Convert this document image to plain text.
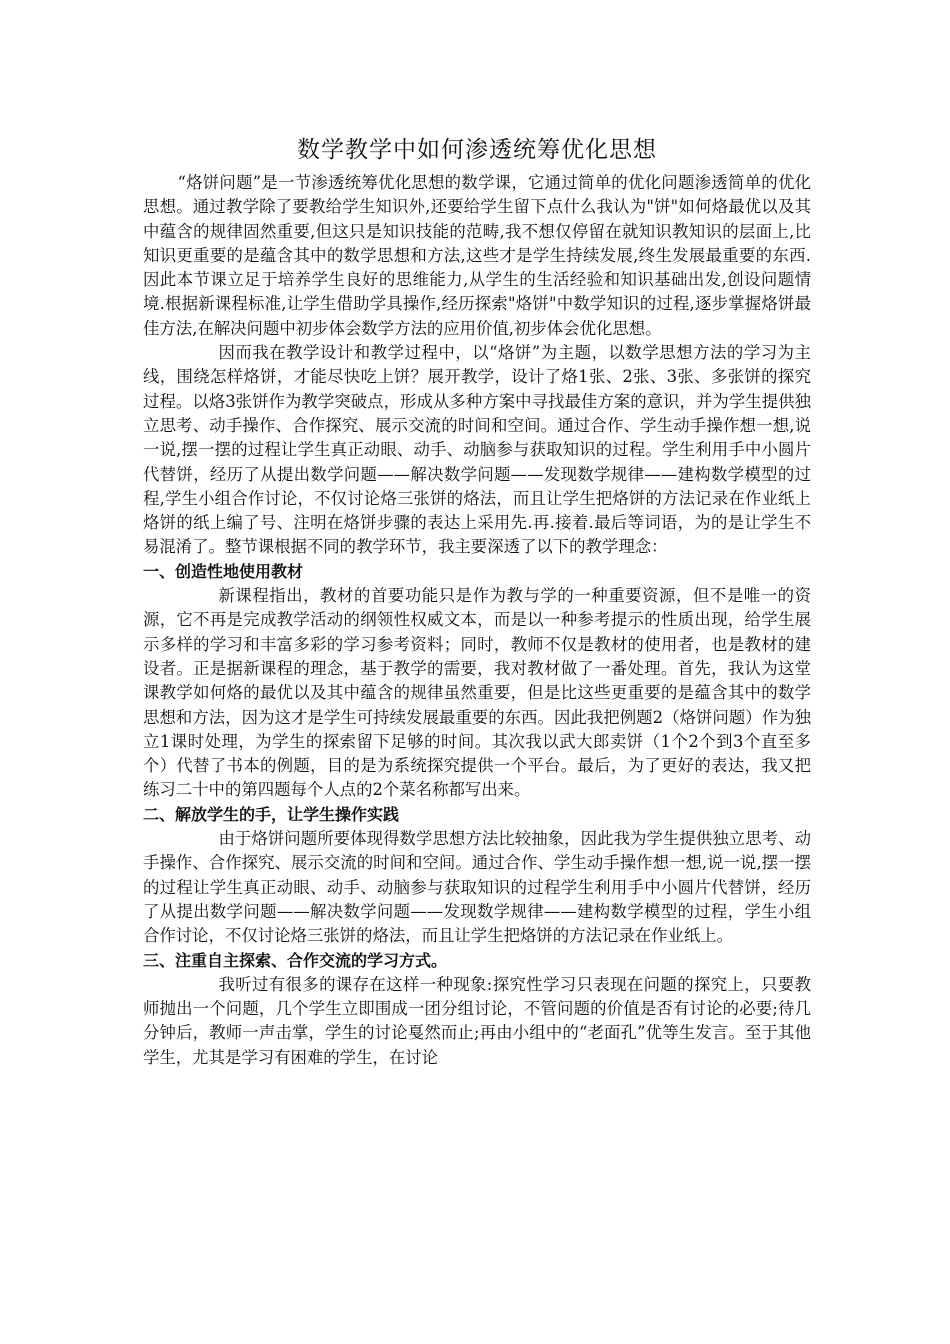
数学教学中如何渗透统筹优化思想

“烙饼问题”是一节渗透统筹优化思想的数学课，它通过简单的优化问题渗透简单的优化思想。通过教学除了要教给学生知识外,还要给学生留下点什么我认为"饼"如何烙最优以及其中蕴含的规律固然重要,但这只是知识技能的范畴,我不想仅停留在就知识教知识的层面上,比知识更重要的是蕴含其中的数学思想和方法,这些才是学生持续发展,终生发展最重要的东西.因此本节课立足于培养学生良好的思维能力,从学生的生活经验和知识基础出发,创设问题情境.根据新课程标准,让学生借助学具操作,经历探索"烙饼"中数学知识的过程,逐步掌握烙饼最佳方法,在解决问题中初步体会数学方法的应用价值,初步体会优化思想。

因而我在教学设计和教学过程中，以“烙饼”为主题，以数学思想方法的学习为主线，围绕怎样烙饼，才能尽快吃上饼？展开教学，设计了烙1张、2张、3张、多张饼的探究过程。以烙3张饼作为教学突破点，形成从多种方案中寻找最佳方案的意识，并为学生提供独立思考、动手操作、合作探究、展示交流的时间和空间。通过合作、学生动手操作想一想,说一说,摆一摆的过程让学生真正动眼、动手、动脑参与获取知识的过程。学生利用手中小圆片代替饼，经历了从提出数学问题——解决数学问题——发现数学规律——建构数学模型的过程,学生小组合作讨论，不仅讨论烙三张饼的烙法，而且让学生把烙饼的方法记录在作业纸上烙饼的纸上编了号、注明在烙饼步骤的表达上采用先.再.接着.最后等词语，为的是让学生不易混淆了。整节课根据不同的教学环节，我主要深透了以下的教学理念：

一、创造性地使用教材

新课程指出，教材的首要功能只是作为教与学的一种重要资源，但不是唯一的资源，它不再是完成教学活动的纲领性权威文本，而是以一种参考提示的性质出现，给学生展示多样的学习和丰富多彩的学习参考资料；同时，教师不仅是教材的使用者，也是教材的建设者。正是据新课程的理念，基于教学的需要，我对教材做了一番处理。首先，我认为这堂课教学如何烙的最优以及其中蕴含的规律虽然重要，但是比这些更重要的是蕴含其中的数学思想和方法，因为这才是学生可持续发展最重要的东西。因此我把例题2（烙饼问题）作为独立1课时处理，为学生的探索留下足够的时间。其次我以武大郎卖饼（1个2个到3个直至多个）代替了书本的例题，目的是为系统探究提供一个平台。最后，为了更好的表达，我又把练习二十中的第四题每个人点的2个菜名称都写出来。

二、解放学生的手，让学生操作实践

由于烙饼问题所要体现得数学思想方法比较抽象，因此我为学生提供独立思考、动手操作、合作探究、展示交流的时间和空间。通过合作、学生动手操作想一想,说一说,摆一摆的过程让学生真正动眼、动手、动脑参与获取知识的过程学生利用手中小圆片代替饼，经历了从提出数学问题——解决数学问题——发现数学规律——建构数学模型的过程，学生小组合作讨论，不仅讨论烙三张饼的烙法，而且让学生把烙饼的方法记录在作业纸上。

三、注重自主探索、合作交流的学习方式。

我听过有很多的课存在这样一种现象:探究性学习只表现在问题的探究上，只要教师抛出一个问题，几个学生立即围成一团分组讨论，不管问题的价值是否有讨论的必要;待几分钟后，教师一声击掌，学生的讨论戛然而止;再由小组中的“老面孔”优等生发言。至于其他学生，尤其是学习有困难的学生，在讨论
